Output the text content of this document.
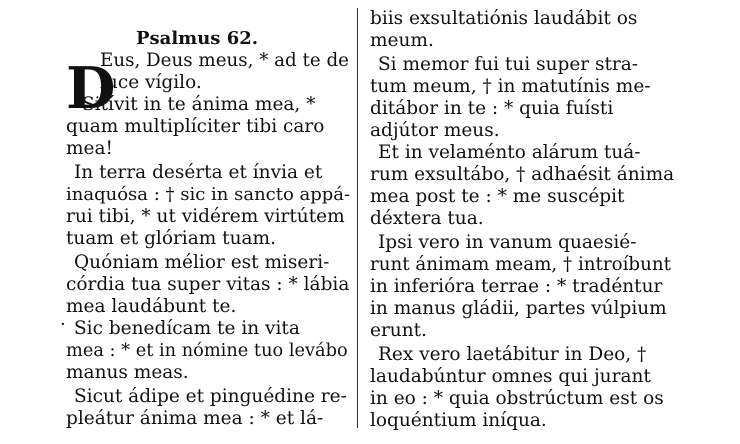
Psalmus 62.
D
·
Eus, Deus meus, * ad te de
luce vígilo.
Sitívit in te ánima mea, *
quam multiplíciter tibi caro
mea!
In terra desérta et ínvia et
inaquósa : † sic in sancto appá-
rui tibi, * ut vidérem virtútem
tuam et glóriam tuam.
Quóniam mélior est miseri-
córdia tua super vitas : * lábia
mea laudábunt te.
Sic benedícam te in vita
mea : * et in nómine tuo levábo
manus meas.
Sicut ádipe et pinguédine re-
pleátur ánima mea : * et lá-
biis exsultatiónis laudábit os
meum.
Si memor fui tui super stra-
tum meum, † in matutínis me-
ditábor in te : * quia fuísti
adjútor meus.
Et in velaménto alárum tuá-
rum exsultábo, † adhaésit ánima
mea post te : * me suscépit
déxtera tua.
Ipsi vero in vanum quaesié-
runt ánimam meam, † introíbunt
in inferióra terrae : * tradéntur
in manus gládii, partes vúlpium
erunt.
Rex vero laetábitur in Deo, †
laudabúntur omnes qui jurant
in eo : * quia obstrúctum est os
loquéntium iníqua.
